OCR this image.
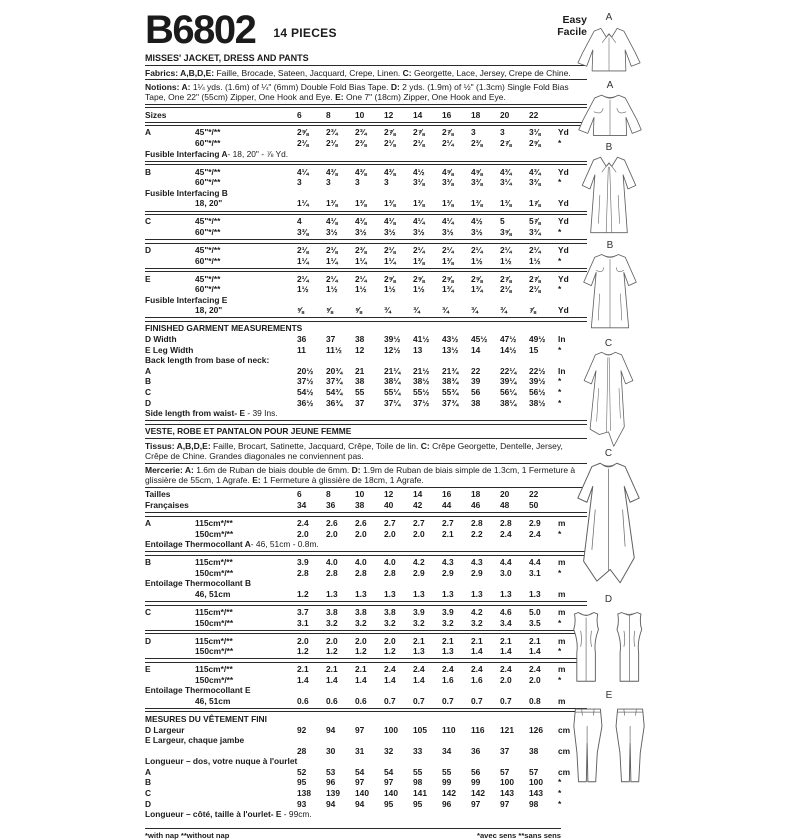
B6802 14 PIECES
Easy
Facile
MISSES' JACKET, DRESS AND PANTS

Fabrics: A,B,D,E: Faille, Brocade, Sateen, Jacquard, Crepe, Linen. C: Georgette, Lace, Jersey, Crepe de Chine.

Notions: A: 1¼ yds. (1.6m) of ¼" (6mm) Double Fold Bias Tape. D: 2 yds. (1.9m) of ½" (1.3cm) Single Fold Bias Tape, One 22" (55cm) Zipper, One Hook and Eye. E: One 7" (18cm) Zipper, One Hook and Eye.

Sizes	6	8	10	12	14	16	18	20	22
A	45"*/**	2⅝	2¾	2¾	2⅞	2⅞	2⅞	3	3	3⅛	Yd
60"*/**	2⅛	2⅛	2⅜	2⅛	2⅛	2¼	2⅜	2⅞	2⅝	*
Fusible Interfacing A- 18, 20" - ⅞ Yd.
B	45"*/**	4¼	4⅜	4⅜	4⅜	4½	4⅝	4⅝	4¾	4¾	Yd
60"*/**	3	3	3	3	3⅛	3⅜	3⅜	3¼	3⅜	*
Fusible Interfacing B
18, 20"	1¼	1⅜	1⅜	1⅜	1⅜	1⅜	1⅜	1⅜	1⅞	Yd
C	45"*/**	4	4⅛	4⅛	4⅛	4¼	4¼	4½	5	5⅞	Yd
60"*/**	3⅜	3½	3½	3½	3½	3½	3½	3⅝	3¾	*
D	45"*/**	2⅛	2⅛	2⅜	2⅛	2¼	2¼	2¼	2¼	2¼	Yd
60"*/**	1¼	1¼	1¼	1¼	1⅜	1⅜	1½	1½	1½	*
E	45"*/**	2¼	2¼	2¼	2⅝	2⅝	2⅝	2⅝	2⅞	2⅞	Yd
60"*/**	1½	1½	1½	1½	1½	1¾	1¾	2⅛	2⅛	*
Fusible Interfacing E
18, 20"	⅝	⅝	⅝	¾	¾	¾	¾	¾	⅞	Yd
FINISHED GARMENT MEASUREMENTS
D Width	36	37	38	39½	41½	43½	45½	47½	49½	In
E Leg Width	11	11½	12	12½	13	13½	14	14½	15	*
Back length from base of neck:
A	20½	20¾	21	21¼	21½	21¾	22	22¼	22½	In
B	37½	37¾	38	38¼	38½	38¾	39	39¼	39½	*
C	54½	54¾	55	55¼	55½	55¾	56	56¼	56½	*
D	36½	36¾	37	37¼	37½	37¾	38	38¼	38½	*
Side length from waist- E - 39 Ins.
VESTE, ROBE ET PANTALON POUR JEUNE FEMME
Tissus: A,B,D,E: Faille, Brocart, Satinette, Jacquard, Crêpe, Toile de lin. C: Crêpe Georgette, Dentelle, Jersey, Crêpe de Chine. Grandes diagonales ne conviennent pas.
Mercerie: A: 1.6m de Ruban de biais double de 6mm. D: 1.9m de Ruban de biais simple de 1.3cm, 1 Fermeture à glissière de 55cm, 1 Agrafe. E: 1 Fermeture à glissière de 18cm, 1 Agrafe.
Tailles	6	8	10	12	14	16	18	20	22
Françaises	34	36	38	40	42	44	46	48	50
A	115cm*/**	2.4	2.6	2.6	2.7	2.7	2.7	2.8	2.8	2.9	m
150cm*/**	2.0	2.0	2.0	2.0	2.0	2.1	2.2	2.4	2.4	*
Entoilage Thermocollant A- 46, 51cm - 0.8m.
B	115cm*/**	3.9	4.0	4.0	4.0	4.2	4.3	4.3	4.4	4.4	m
150cm*/**	2.8	2.8	2.8	2.8	2.9	2.9	2.9	3.0	3.1	*
Entoilage Thermocollant B
46, 51cm	1.2	1.3	1.3	1.3	1.3	1.3	1.3	1.3	1.3	m
C	115cm*/**	3.7	3.8	3.8	3.8	3.9	3.9	4.2	4.6	5.0	m
150cm*/**	3.1	3.2	3.2	3.2	3.2	3.2	3.2	3.4	3.5	*
D	115cm*/**	2.0	2.0	2.0	2.0	2.1	2.1	2.1	2.1	2.1	m
150cm*/**	1.2	1.2	1.2	1.2	1.3	1.3	1.4	1.4	1.4	*
E	115cm*/**	2.1	2.1	2.1	2.4	2.4	2.4	2.4	2.4	2.4	m
150cm*/**	1.4	1.4	1.4	1.4	1.4	1.6	1.6	2.0	2.0	*
Entoilage Thermocollant E
46, 51cm	0.6	0.6	0.6	0.7	0.7	0.7	0.7	0.7	0.8	m
MESURES DU VÊTEMENT FINI
D Largeur	92	94	97	100	105	110	116	121	126	cm
E Largeur, chaque jambe
28	30	31	32	33	34	36	37	38	cm
Longueur – dos, votre nuque à l'ourlet
A	52	53	54	54	55	55	56	57	57	cm
B	95	96	97	97	98	99	99	100	100	*
C	138	139	140	140	141	142	142	143	143	*
D	93	94	94	95	95	96	97	97	98	*
Longueur – côté, taille à l'ourlet- E - 99cm.
*with nap **without nap	*avec sens **sans sens
A
A
B
B
C
C
D
E
